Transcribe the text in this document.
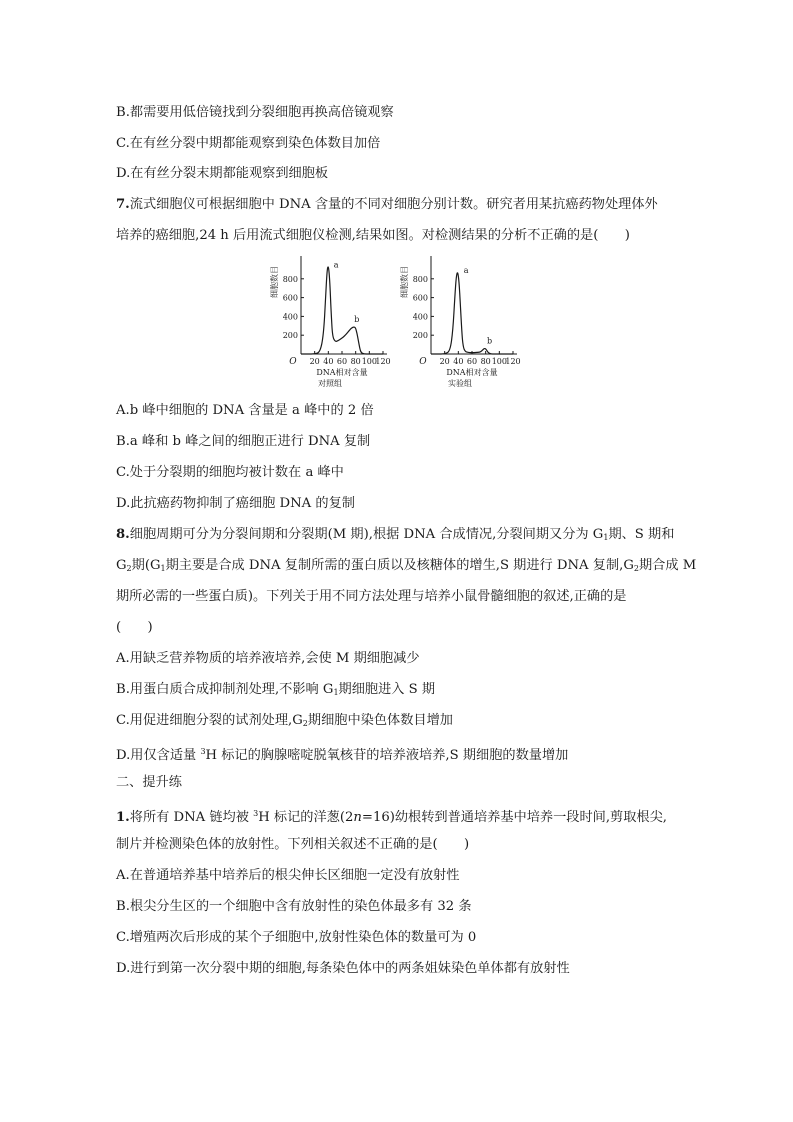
B.都需要用低倍镜找到分裂细胞再换高倍镜观察
C.在有丝分裂中期都能观察到染色体数目加倍
D.在有丝分裂末期都能观察到细胞板
7.流式细胞仪可根据细胞中 DNA 含量的不同对细胞分别计数。研究者用某抗癌药物处理体外
培养的癌细胞,24 h 后用流式细胞仪检测,结果如图。对检测结果的分析不正确的是(　　)
200
400
600
800
20 40 60 80 100
120
O
细胞数目
DNA相对含量
对照组
a
b
200
400
600
800
20 40 60 80 100
120
O
细胞数目
DNA相对含量
实验组
a
b
A.b 峰中细胞的 DNA 含量是 a 峰中的 2 倍
B.a 峰和 b 峰之间的细胞正进行 DNA 复制
C.处于分裂期的细胞均被计数在 a 峰中
D.此抗癌药物抑制了癌细胞 DNA 的复制
8.细胞周期可分为分裂间期和分裂期(M 期),根据 DNA 合成情况,分裂间期又分为 $G_1$期、S 期和
$G_2$期($G_1$期主要是合成 DNA 复制所需的蛋白质以及核糖体的增生,S 期进行 DNA 复制$,G_2$期合成 M
期所必需的一些蛋白质)。下列关于用不同方法处理与培养小鼠骨髓细胞的叙述,正确的是
(　　)
A.用缺乏营养物质的培养液培养,会使 M 期细胞减少
B.用蛋白质合成抑制剂处理,不影响 $G_1$期细胞进入 S 期
C.用促进细胞分裂的试剂处理$,G_2$期细胞中染色体数目增加
D.用仅含适量 $^3$H 标记的胸腺嘧啶脱氧核苷的培养液培养,S 期细胞的数量增加
二、提升练
1.将所有 DNA 链均被 $^3$H 标记的洋葱(2n=16)幼根转到普通培养基中培养一段时间,剪取根尖,
制片并检测染色体的放射性。下列相关叙述不正确的是(　　)
A.在普通培养基中培养后的根尖伸长区细胞一定没有放射性
B.根尖分生区的一个细胞中含有放射性的染色体最多有 32 条
C.增殖两次后形成的某个子细胞中,放射性染色体的数量可为 0
D.进行到第一次分裂中期的细胞,每条染色体中的两条姐妹染色单体都有放射性
